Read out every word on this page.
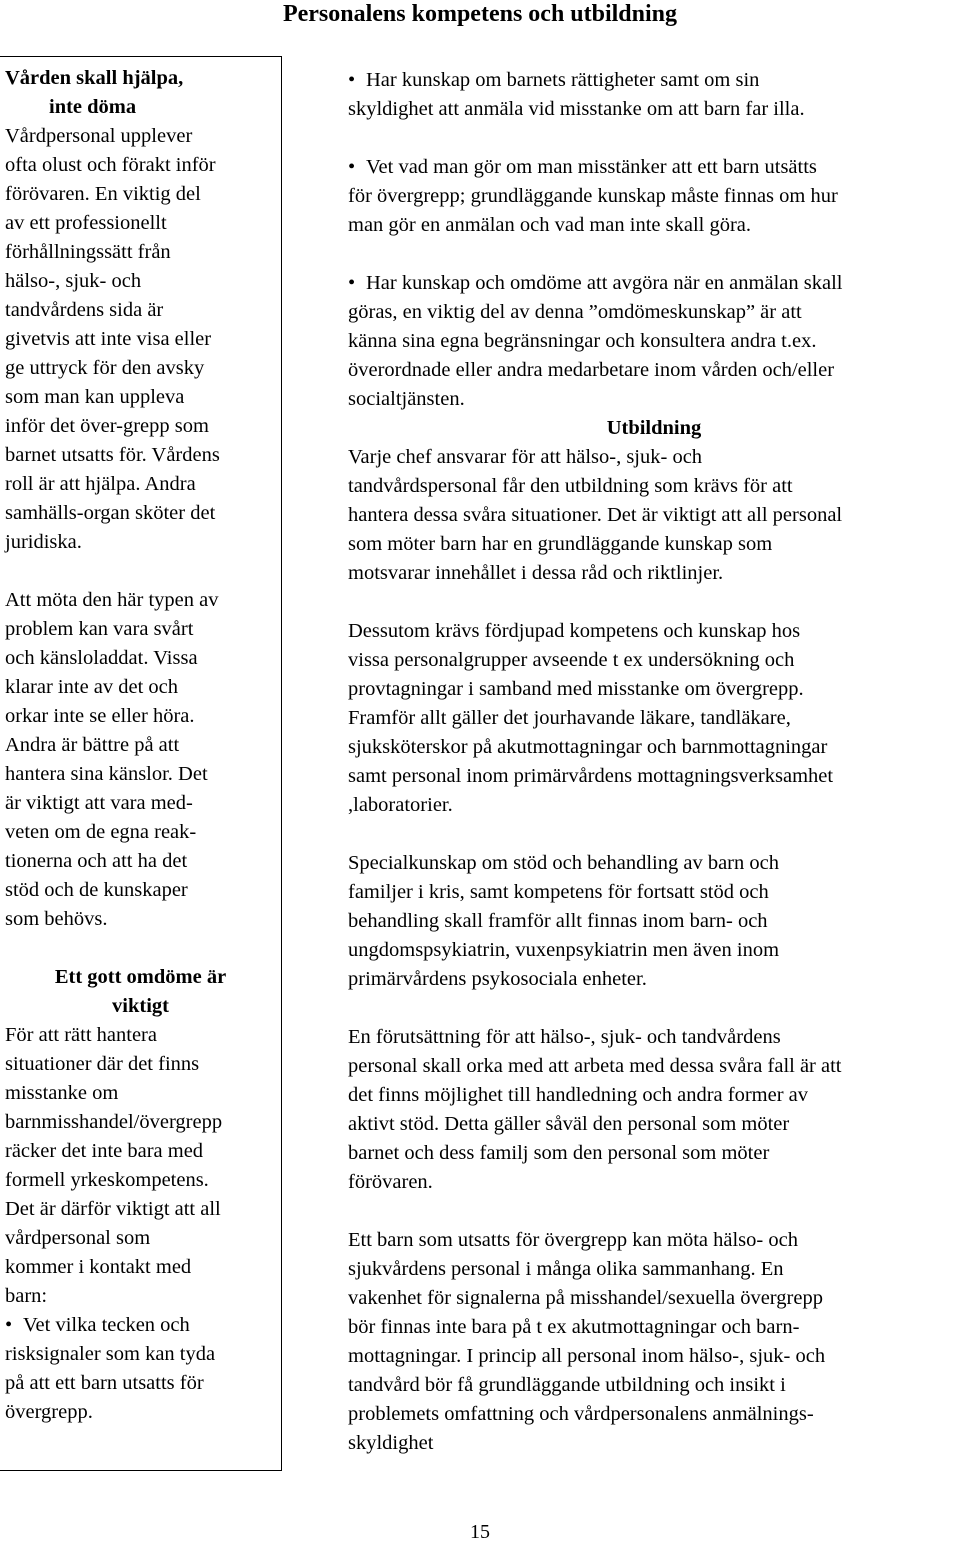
Personalens kompetens och utbildning

Vården skall hjälpa,

inte döma

Vårdpersonal upplever

ofta olust och förakt inför

förövaren. En viktig del

av ett professionellt

förhållningssätt från

hälso-, sjuk- och

tandvårdens sida är

givetvis att inte visa eller

ge uttryck för den avsky

som man kan uppleva

inför det över-grepp som

barnet utsatts för. Vårdens

roll är att hjälpa. Andra

samhälls-organ sköter det

juridiska.

Att möta den här typen av

problem kan vara svårt

och känsloladdat. Vissa

klarar inte av det och

orkar inte se eller höra.

Andra är bättre på att

hantera sina känslor. Det

är viktigt att vara med-

veten om de egna reak-

tionerna och att ha det

stöd och de kunskaper

som behövs.

Ett gott omdöme är

viktigt

För att rätt hantera

situationer där det finns

misstanke om

barnmisshandel/övergrepp

räcker det inte bara med

formell yrkeskompetens.

Det är därför viktigt att all

vårdpersonal som

kommer i kontakt med

barn:

• Vet vilka tecken och

risksignaler som kan tyda

på att ett barn utsatts för

övergrepp.

• Har kunskap om barnets rättigheter samt om sin

skyldighet att anmäla vid misstanke om att barn far illa.

• Vet vad man gör om man misstänker att ett barn utsätts

för övergrepp; grundläggande kunskap måste finnas om hur

man gör en anmälan och vad man inte skall göra.

• Har kunskap och omdöme att avgöra när en anmälan skall

göras, en viktig del av denna ”omdömeskunskap” är att

känna sina egna begränsningar och konsultera andra t.ex.

överordnade eller andra medarbetare inom vården och/eller

socialtjänsten.

Utbildning

Varje chef ansvarar för att hälso-, sjuk- och

tandvårdspersonal får den utbildning som krävs för att

hantera dessa svåra situationer. Det är viktigt att all personal

som möter barn har en grundläggande kunskap som

motsvarar innehållet i dessa råd och riktlinjer.

Dessutom krävs fördjupad kompetens och kunskap hos

vissa personalgrupper avseende t ex undersökning och

provtagningar i samband med misstanke om övergrepp.

Framför allt gäller det jourhavande läkare, tandläkare,

sjuksköterskor på akutmottagningar och barnmottagningar

samt personal inom primärvårdens mottagningsverksamhet

,laboratorier.

Specialkunskap om stöd och behandling av barn och

familjer i kris, samt kompetens för fortsatt stöd och

behandling skall framför allt finnas inom barn- och

ungdomspsykiatrin, vuxenpsykiatrin men även inom

primärvårdens psykosociala enheter.

En förutsättning för att hälso-, sjuk- och tandvårdens

personal skall orka med att arbeta med dessa svåra fall är att

det finns möjlighet till handledning och andra former av

aktivt stöd. Detta gäller såväl den personal som möter

barnet och dess familj som den personal som möter

förövaren.

Ett barn som utsatts för övergrepp kan möta hälso- och

sjukvårdens personal i många olika sammanhang. En

vakenhet för signalerna på misshandel/sexuella övergrepp

bör finnas inte bara på t ex akutmottagningar och barn-

mottagningar. I princip all personal inom hälso-, sjuk- och

tandvård bör få grundläggande utbildning och insikt i

problemets omfattning och vårdpersonalens anmälnings-

skyldighet

15
